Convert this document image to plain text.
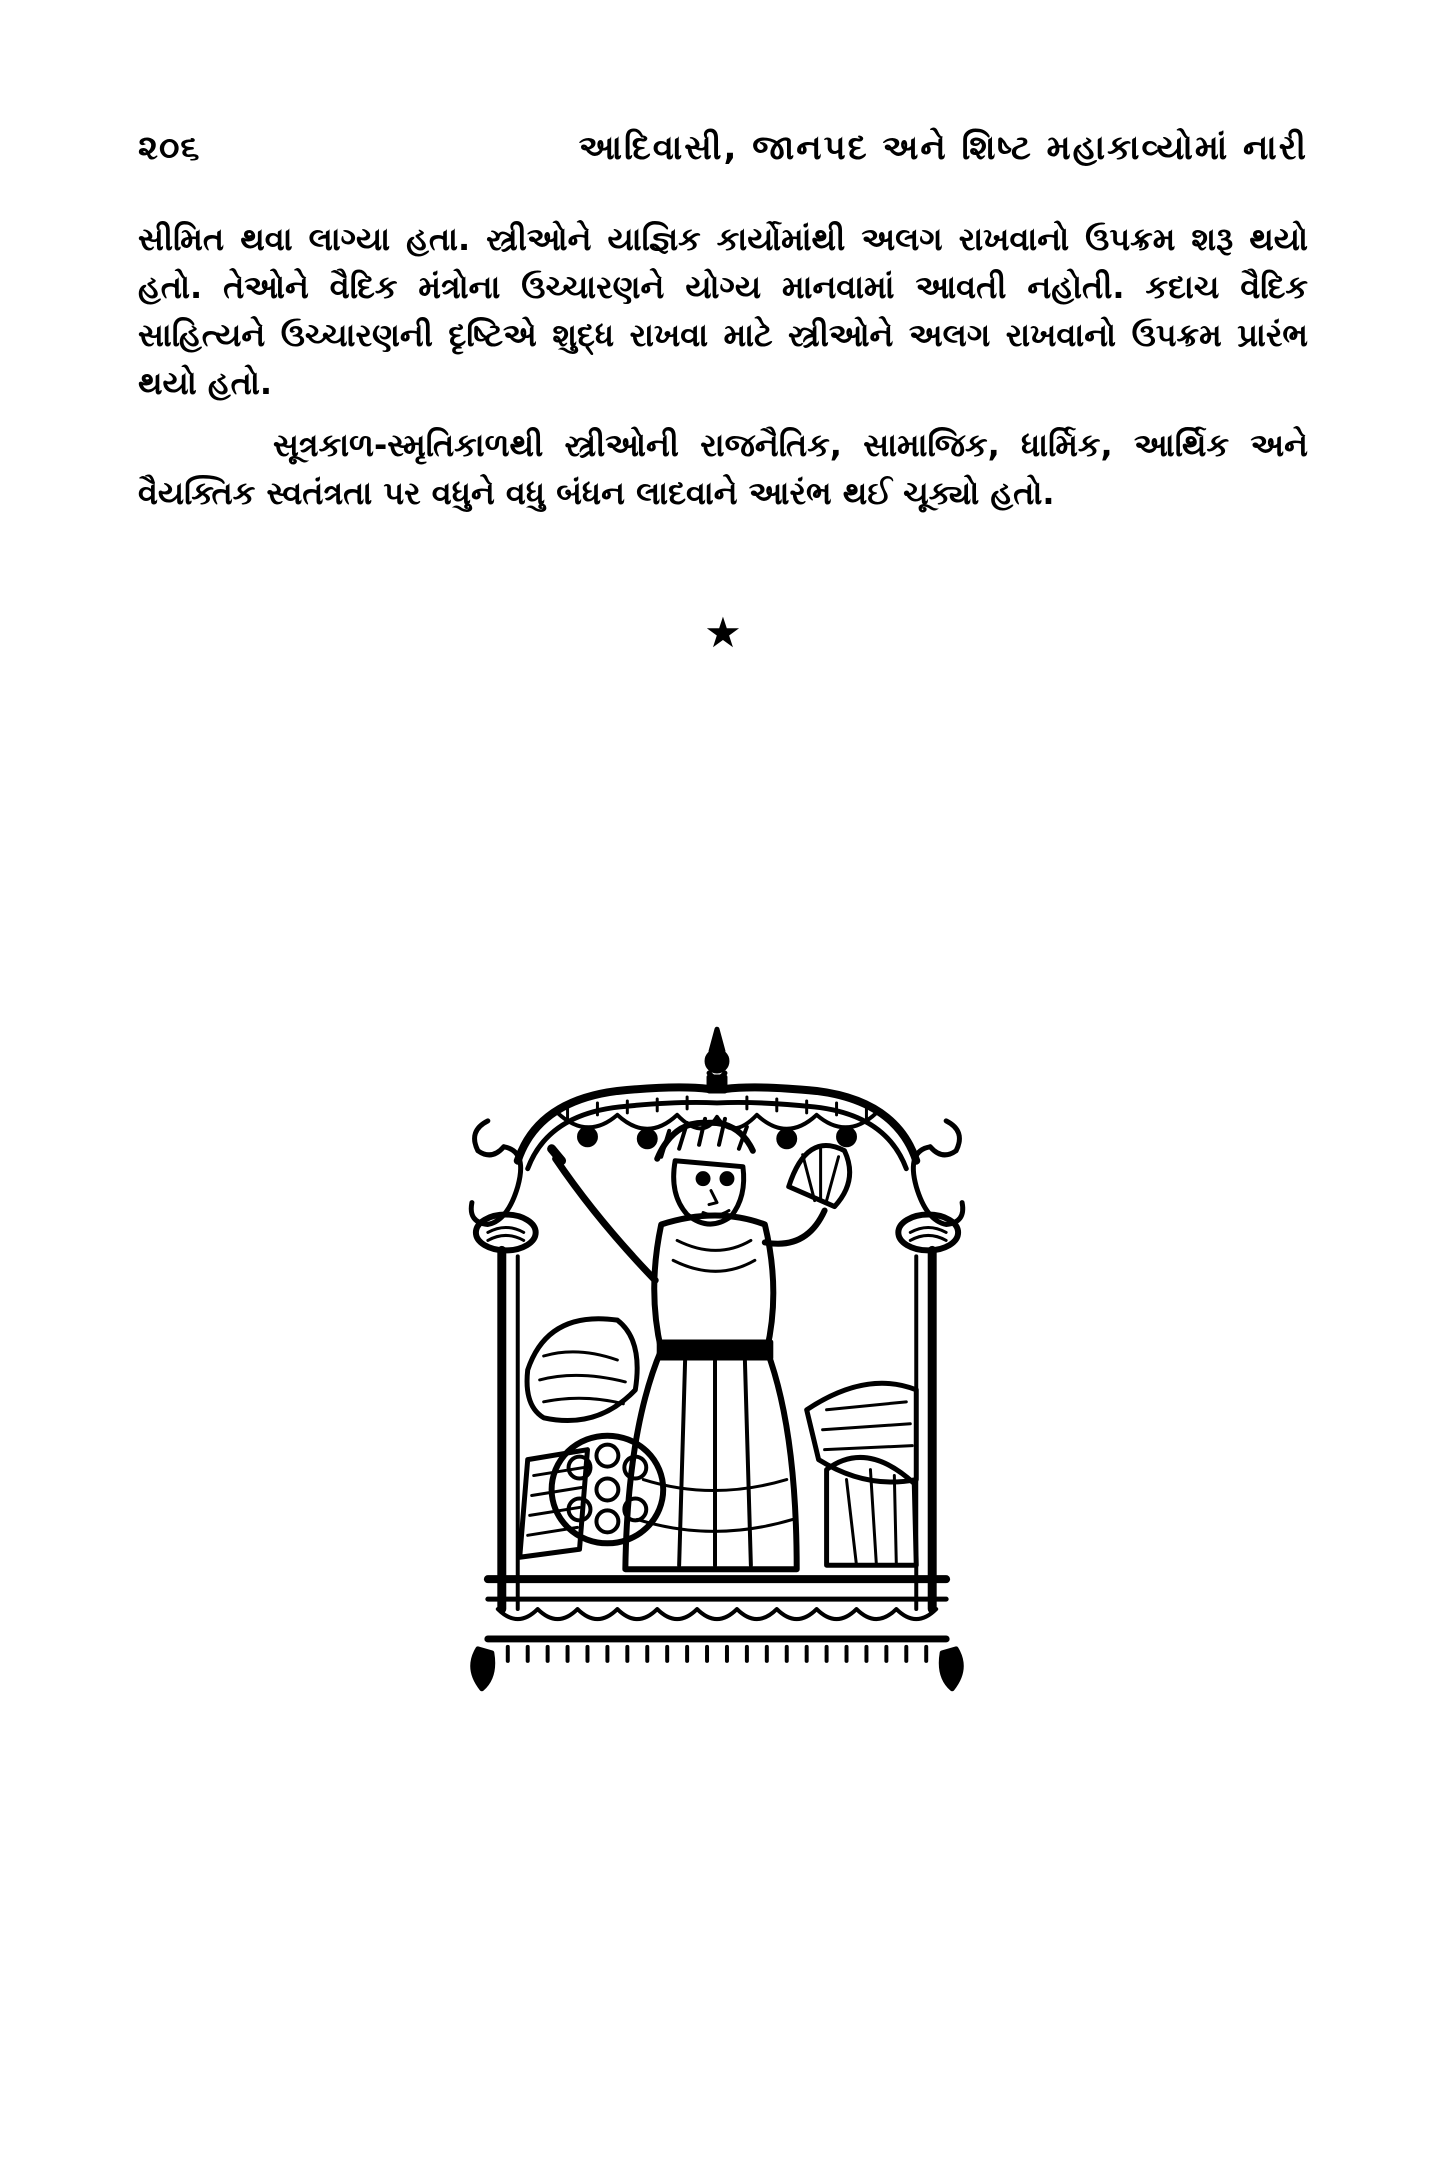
૨૦૬	આદિવાસી, જાનપદ અને શિષ્ટ મહાકાવ્યોમાં નારી

સીમિત થવા લાગ્યા હતા. સ્ત્રીઓને યાજ્ઞિક કાર્યોમાંથી અલગ રાખવાનો ઉપક્રમ શરૂ થયો હતો. તેઓને વૈદિક મંત્રોના ઉચ્ચારણને યોગ્ય માનવામાં આવતી નહોતી. કદાચ વૈદિક સાહિત્યને ઉચ્ચારણની દૃષ્ટિએ શુદ્ધ રાખવા માટે સ્ત્રીઓને અલગ રાખવાનો ઉપક્રમ પ્રારંભ થયો હતો.

સૂત્રકાળ-સ્મૃતિકાળથી સ્ત્રીઓની રાજનૈતિક, સામાજિક, ધાર્મિક, આર્થિક અને વૈયક્તિક સ્વતંત્રતા પર વધુને વધુ બંધન લાદવાને આરંભ થઈ ચૂક્યો હતો.

★
